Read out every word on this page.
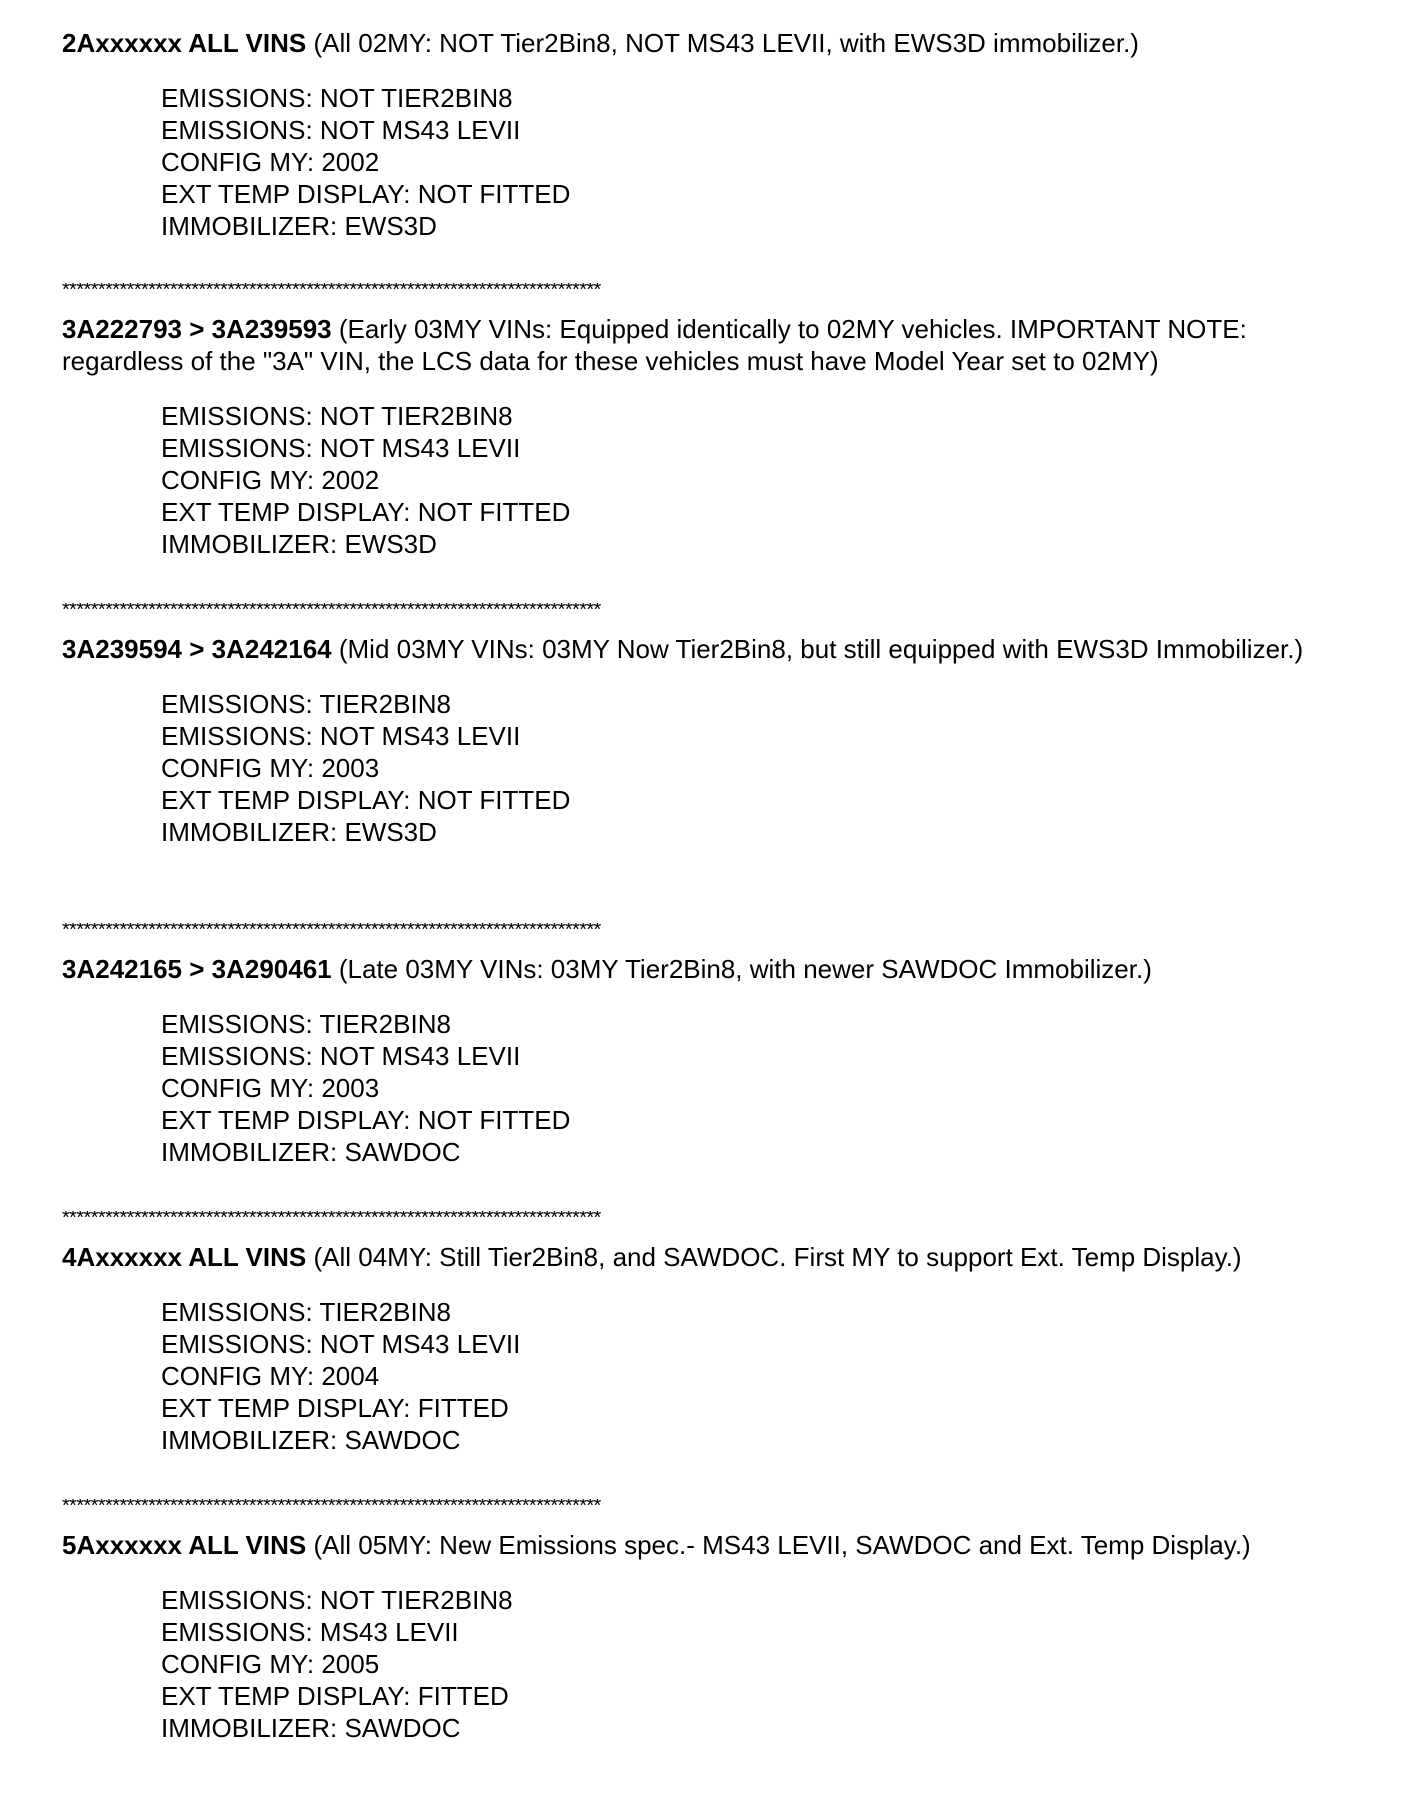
2Axxxxxx ALL VINS (All 02MY: NOT Tier2Bin8, NOT MS43 LEVII, with EWS3D immobilizer.)

EMISSIONS: NOT TIER2BIN8
EMISSIONS: NOT MS43 LEVII
CONFIG MY: 2002
EXT TEMP DISPLAY: NOT FITTED
IMMOBILIZER: EWS3D
***************************************************************************

3A222793 > 3A239593 (Early 03MY VINs: Equipped identically to 02MY vehicles. IMPORTANT NOTE: regardless of the "3A" VIN, the LCS data for these vehicles must have Model Year set to 02MY)

EMISSIONS: NOT TIER2BIN8
EMISSIONS: NOT MS43 LEVII
CONFIG MY: 2002
EXT TEMP DISPLAY: NOT FITTED
IMMOBILIZER: EWS3D
***************************************************************************

3A239594 > 3A242164 (Mid 03MY VINs: 03MY Now Tier2Bin8, but still equipped with EWS3D Immobilizer.)

EMISSIONS: TIER2BIN8
EMISSIONS: NOT MS43 LEVII
CONFIG MY: 2003
EXT TEMP DISPLAY: NOT FITTED
IMMOBILIZER: EWS3D
***************************************************************************

3A242165 > 3A290461 (Late 03MY VINs: 03MY Tier2Bin8, with newer SAWDOC Immobilizer.)

EMISSIONS: TIER2BIN8
EMISSIONS: NOT MS43 LEVII
CONFIG MY: 2003
EXT TEMP DISPLAY: NOT FITTED
IMMOBILIZER: SAWDOC
***************************************************************************

4Axxxxxx ALL VINS (All 04MY: Still Tier2Bin8, and SAWDOC. First MY to support Ext. Temp Display.)

EMISSIONS: TIER2BIN8
EMISSIONS: NOT MS43 LEVII
CONFIG MY: 2004
EXT TEMP DISPLAY: FITTED
IMMOBILIZER: SAWDOC
***************************************************************************

5Axxxxxx ALL VINS (All 05MY: New Emissions spec.- MS43 LEVII, SAWDOC and Ext. Temp Display.)

EMISSIONS: NOT TIER2BIN8
EMISSIONS: MS43 LEVII
CONFIG MY: 2005
EXT TEMP DISPLAY: FITTED
IMMOBILIZER: SAWDOC
